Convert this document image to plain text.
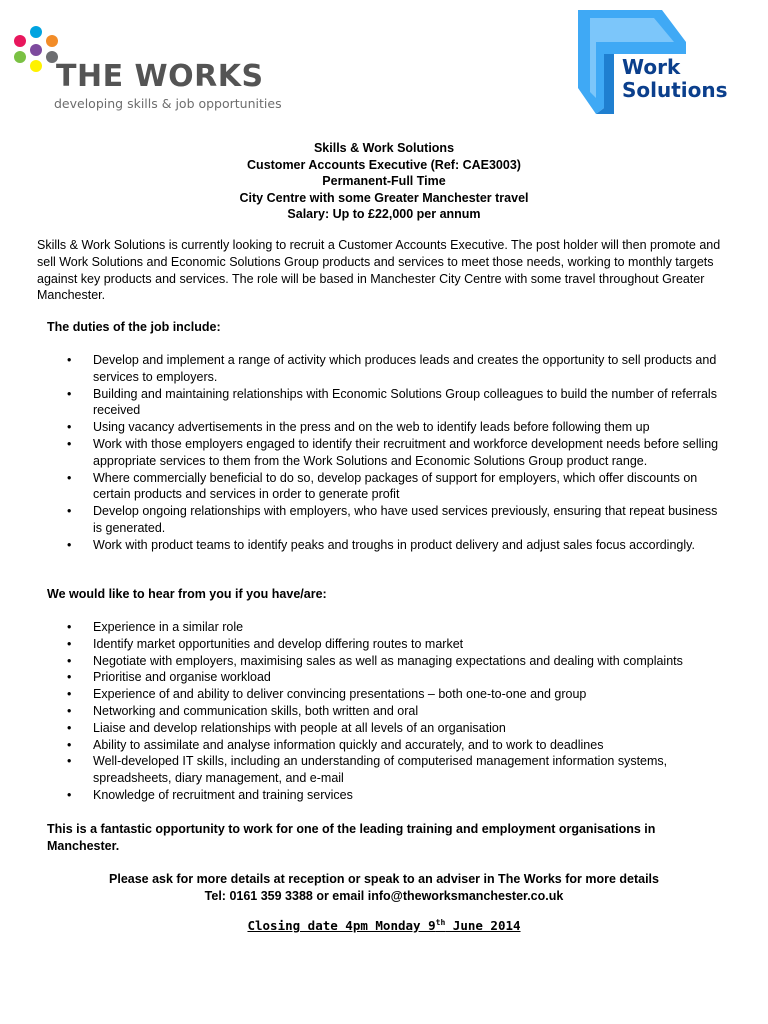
THE WORKS
developing skills & job opportunities
Work
Solutions
Skills & Work Solutions
Customer Accounts Executive (Ref: CAE3003)
Permanent-Full Time
City Centre with some Greater Manchester travel
Salary: Up to £22,000 per annum
Skills & Work Solutions is currently looking to recruit a Customer Accounts Executive. The post holder will then promote and sell Work Solutions and Economic Solutions Group products and services to meet those needs, working to monthly targets against key products and services. The role will be based in Manchester City Centre with some travel throughout Greater Manchester.
The duties of the job include:
• Develop and implement a range of activity which produces leads and creates the opportunity to sell products and services to employers.
• Building and maintaining relationships with Economic Solutions Group colleagues to build the number of referrals received
• Using vacancy advertisements in the press and on the web to identify leads before following them up
• Work with those employers engaged to identify their recruitment and workforce development needs before selling appropriate services to them from the Work Solutions and Economic Solutions Group product range.
• Where commercially beneficial to do so, develop packages of support for employers, which offer discounts on certain products and services in order to generate profit
• Develop ongoing relationships with employers, who have used services previously, ensuring that repeat business is generated.
• Work with product teams to identify peaks and troughs in product delivery and adjust sales focus accordingly.
We would like to hear from you if you have/are:
• Experience in a similar role
• Identify market opportunities and develop differing routes to market
• Negotiate with employers, maximising sales as well as managing expectations and dealing with complaints
• Prioritise and organise workload
• Experience of and ability to deliver convincing presentations – both one-to-one and group
• Networking and communication skills, both written and oral
• Liaise and develop relationships with people at all levels of an organisation
• Ability to assimilate and analyse information quickly and accurately, and to work to deadlines
• Well-developed IT skills, including an understanding of computerised management information systems, spreadsheets, diary management, and e-mail
• Knowledge of recruitment and training services
This is a fantastic opportunity to work for one of the leading training and employment organisations in Manchester.
Please ask for more details at reception or speak to an adviser in The Works for more details
Tel: 0161 359 3388 or email info@theworksmanchester.co.uk
Closing date 4pm Monday 9th June 2014
